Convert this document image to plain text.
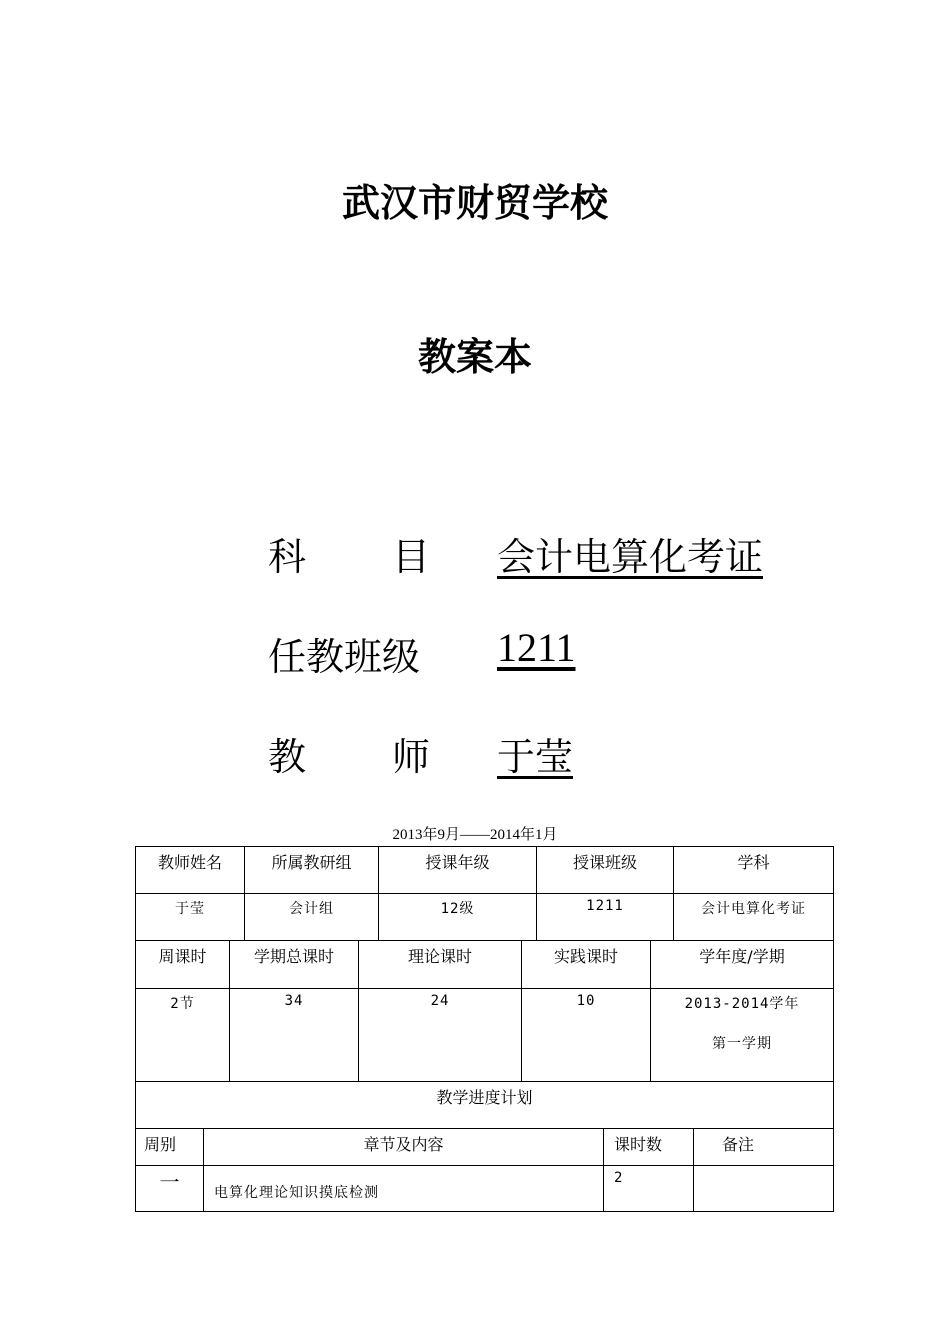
武汉市财贸学校
教案本
科 目 会计电算化考证
任教班级 1211
教 师 于莹
2013年9月——2014年1月
教师姓名	所属教研组	授课年级	授课班级	学科
于莹	会计组	12级	1211	会计电算化考证
周课时	学期总课时	理论课时	实践课时	学年度/学期
2节	34	24	10	2013-2014学年
第一学期
教学进度计划			
周别	章节及内容	课时数	备注
一	电算化理论知识摸底检测	2	
